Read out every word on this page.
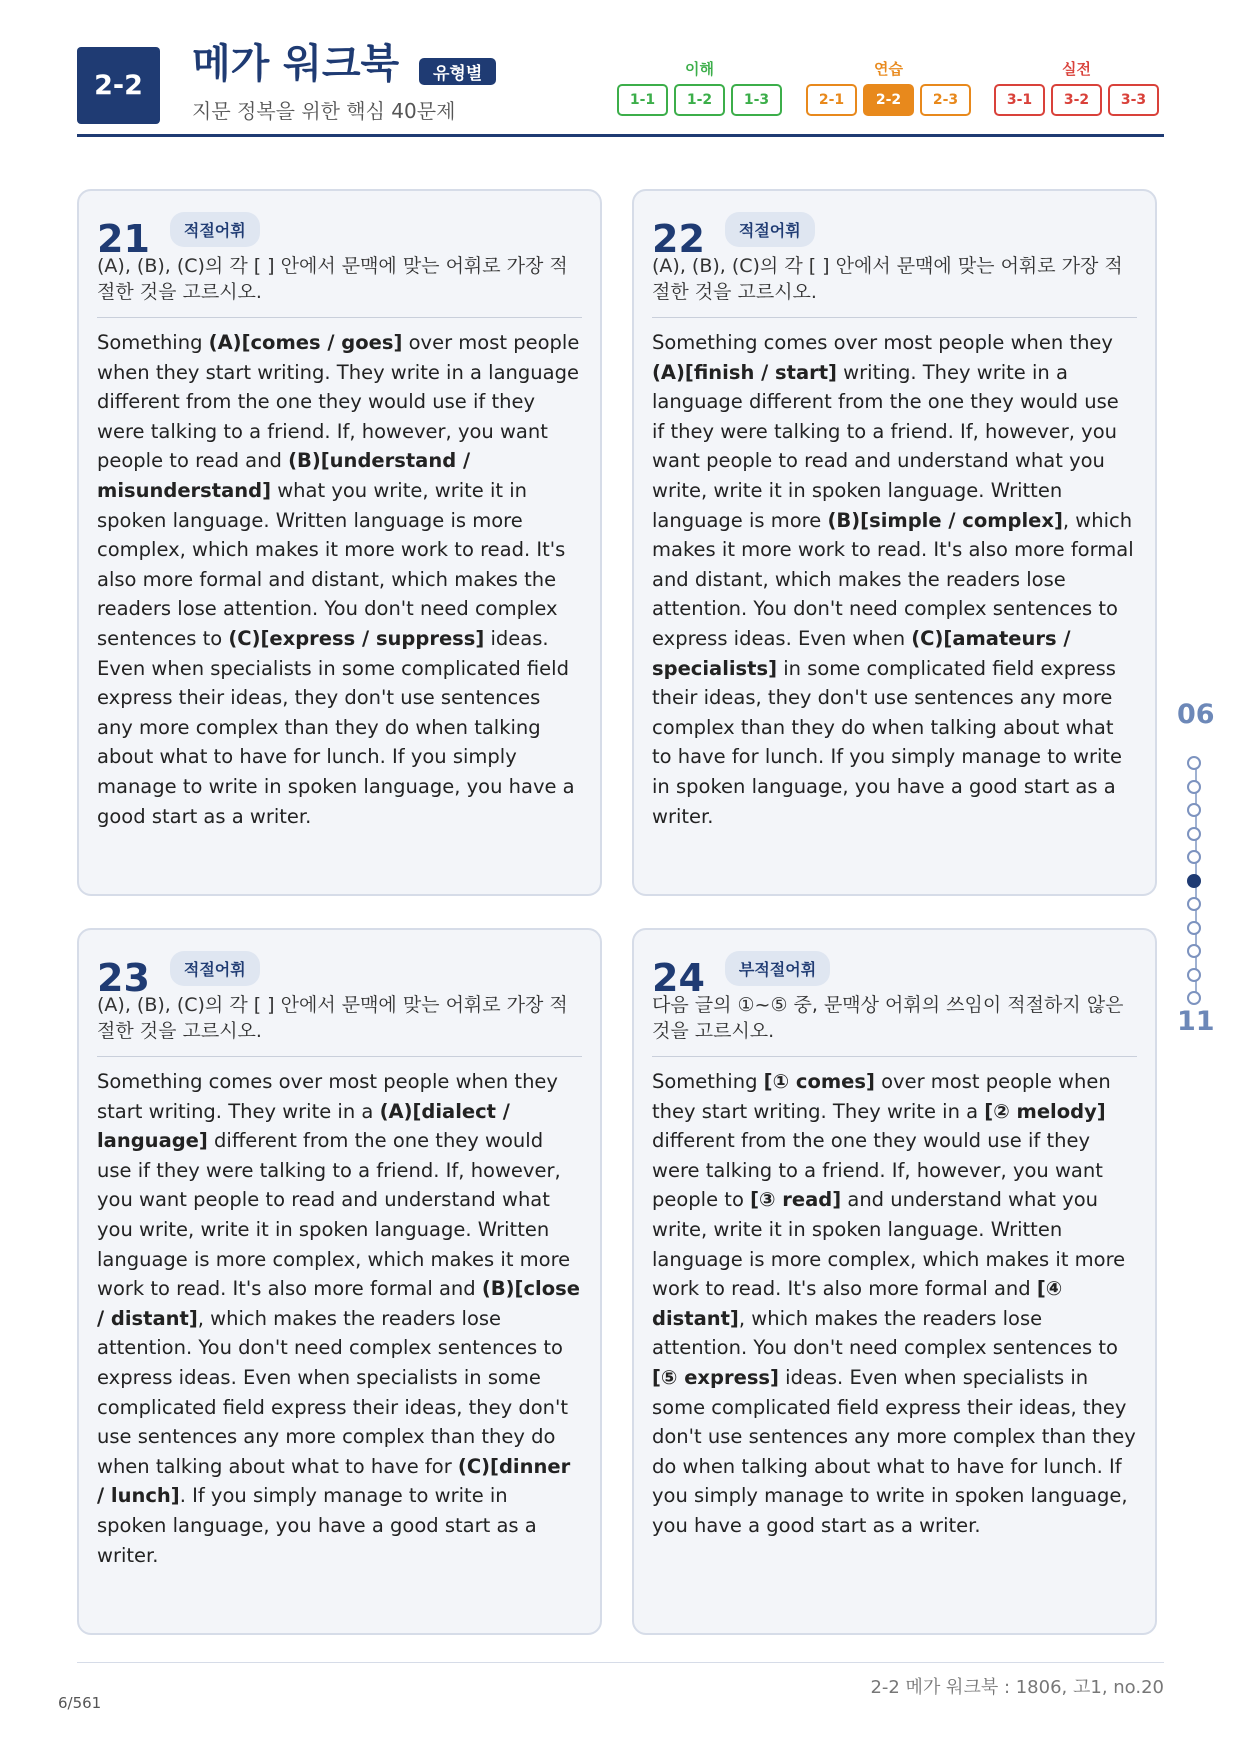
2-2	메가 워크북	유형별
지문 정복을 위한 핵심 40문제
이해
1-1	1-2	1-3
연습
2-1	2-2	2-3
실전
3-1	3-2	3-3
21	적절어휘
(A), (B), (C)의 각 [ ] 안에서 문맥에 맞는 어휘로 가장 적절한 것을 고르시오.
Something (A)[comes / goes] over most people when they start writing. They write in a language different from the one they would use if they were talking to a friend. If, however, you want people to read and (B)[understand / misunderstand] what you write, write it in spoken language. Written language is more complex, which makes it more work to read. It's also more formal and distant, which makes the readers lose attention. You don't need complex sentences to (C)[express / suppress] ideas. Even when specialists in some complicated field express their ideas, they don't use sentences any more complex than they do when talking about what to have for lunch. If you simply manage to write in spoken language, you have a good start as a writer.
22	적절어휘
(A), (B), (C)의 각 [ ] 안에서 문맥에 맞는 어휘로 가장 적절한 것을 고르시오.
Something comes over most people when they (A)[finish / start] writing. They write in a language different from the one they would use if they were talking to a friend. If, however, you want people to read and understand what you write, write it in spoken language. Written language is more (B)[simple / complex], which makes it more work to read. It's also more formal and distant, which makes the readers lose attention. You don't need complex sentences to express ideas. Even when (C)[amateurs / specialists] in some complicated field express their ideas, they don't use sentences any more complex than they do when talking about what to have for lunch. If you simply manage to write in spoken language, you have a good start as a writer.
23	적절어휘
(A), (B), (C)의 각 [ ] 안에서 문맥에 맞는 어휘로 가장 적절한 것을 고르시오.
Something comes over most people when they start writing. They write in a (A)[dialect / language] different from the one they would use if they were talking to a friend. If, however, you want people to read and understand what you write, write it in spoken language. Written language is more complex, which makes it more work to read. It's also more formal and (B)[close / distant], which makes the readers lose attention. You don't need complex sentences to express ideas. Even when specialists in some complicated field express their ideas, they don't use sentences any more complex than they do when talking about what to have for (C)[dinner / lunch]. If you simply manage to write in spoken language, you have a good start as a writer.
24	부적절어휘
다음 글의 ①~⑤ 중, 문맥상 어휘의 쓰임이 적절하지 않은 것을 고르시오.
Something [① comes] over most people when they start writing. They write in a [② melody] different from the one they would use if they were talking to a friend. If, however, you want people to [③ read] and understand what you write, write it in spoken language. Written language is more complex, which makes it more work to read. It's also more formal and [④ distant], which makes the readers lose attention. You don't need complex sentences to [⑤ express] ideas. Even when specialists in some complicated field express their ideas, they don't use sentences any more complex than they do when talking about what to have for lunch. If you simply manage to write in spoken language, you have a good start as a writer.
06
11
2-2 메가 워크북 : 1806, 고1, no.20
6/561
